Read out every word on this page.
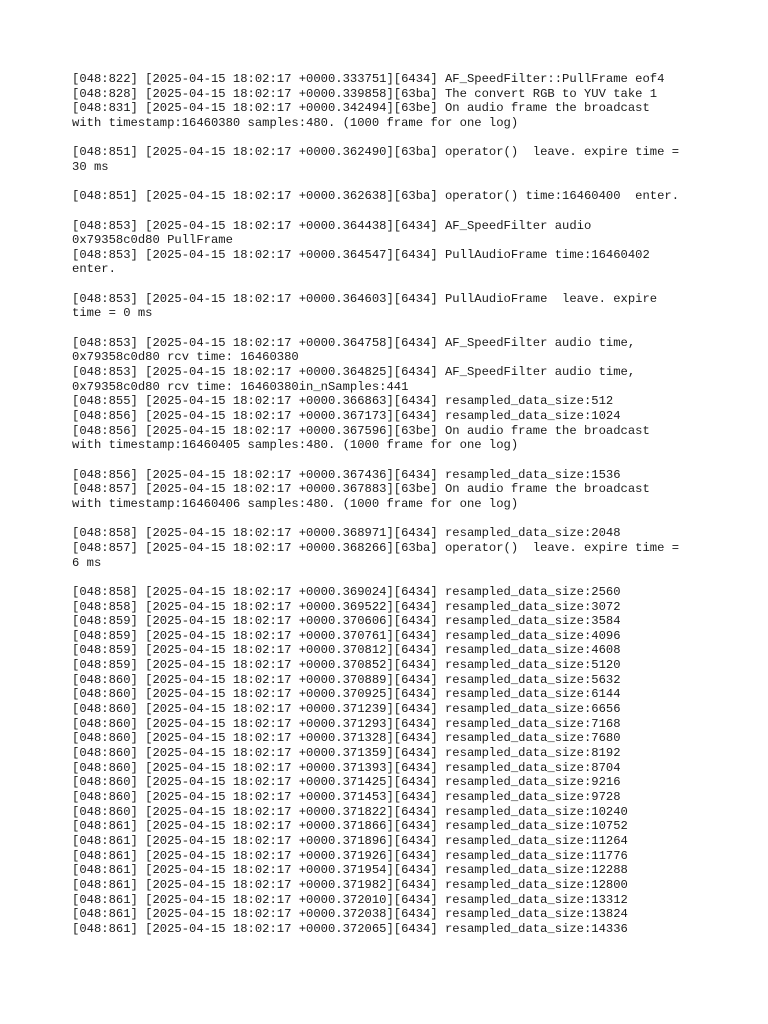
[048:822] [2025-04-15 18:02:17 +0000.333751][6434] AF_SpeedFilter::PullFrame eof4
[048:828] [2025-04-15 18:02:17 +0000.339858][63ba] The convert RGB to YUV take 1
[048:831] [2025-04-15 18:02:17 +0000.342494][63be] On audio frame the broadcast
with timestamp:16460380 samples:480. (1000 frame for one log)
[048:851] [2025-04-15 18:02:17 +0000.362490][63ba] operator()  leave. expire time =
30 ms
[048:851] [2025-04-15 18:02:17 +0000.362638][63ba] operator() time:16460400  enter.
[048:853] [2025-04-15 18:02:17 +0000.364438][6434] AF_SpeedFilter audio
0x79358c0d80 PullFrame
[048:853] [2025-04-15 18:02:17 +0000.364547][6434] PullAudioFrame time:16460402
enter.
[048:853] [2025-04-15 18:02:17 +0000.364603][6434] PullAudioFrame  leave. expire
time = 0 ms
[048:853] [2025-04-15 18:02:17 +0000.364758][6434] AF_SpeedFilter audio time,
0x79358c0d80 rcv time: 16460380
[048:853] [2025-04-15 18:02:17 +0000.364825][6434] AF_SpeedFilter audio time,
0x79358c0d80 rcv time: 16460380in_nSamples:441
[048:855] [2025-04-15 18:02:17 +0000.366863][6434] resampled_data_size:512
[048:856] [2025-04-15 18:02:17 +0000.367173][6434] resampled_data_size:1024
[048:856] [2025-04-15 18:02:17 +0000.367596][63be] On audio frame the broadcast
with timestamp:16460405 samples:480. (1000 frame for one log)
[048:856] [2025-04-15 18:02:17 +0000.367436][6434] resampled_data_size:1536
[048:857] [2025-04-15 18:02:17 +0000.367883][63be] On audio frame the broadcast
with timestamp:16460406 samples:480. (1000 frame for one log)
[048:858] [2025-04-15 18:02:17 +0000.368971][6434] resampled_data_size:2048
[048:857] [2025-04-15 18:02:17 +0000.368266][63ba] operator()  leave. expire time =
6 ms
[048:858] [2025-04-15 18:02:17 +0000.369024][6434] resampled_data_size:2560
[048:858] [2025-04-15 18:02:17 +0000.369522][6434] resampled_data_size:3072
[048:859] [2025-04-15 18:02:17 +0000.370606][6434] resampled_data_size:3584
[048:859] [2025-04-15 18:02:17 +0000.370761][6434] resampled_data_size:4096
[048:859] [2025-04-15 18:02:17 +0000.370812][6434] resampled_data_size:4608
[048:859] [2025-04-15 18:02:17 +0000.370852][6434] resampled_data_size:5120
[048:860] [2025-04-15 18:02:17 +0000.370889][6434] resampled_data_size:5632
[048:860] [2025-04-15 18:02:17 +0000.370925][6434] resampled_data_size:6144
[048:860] [2025-04-15 18:02:17 +0000.371239][6434] resampled_data_size:6656
[048:860] [2025-04-15 18:02:17 +0000.371293][6434] resampled_data_size:7168
[048:860] [2025-04-15 18:02:17 +0000.371328][6434] resampled_data_size:7680
[048:860] [2025-04-15 18:02:17 +0000.371359][6434] resampled_data_size:8192
[048:860] [2025-04-15 18:02:17 +0000.371393][6434] resampled_data_size:8704
[048:860] [2025-04-15 18:02:17 +0000.371425][6434] resampled_data_size:9216
[048:860] [2025-04-15 18:02:17 +0000.371453][6434] resampled_data_size:9728
[048:860] [2025-04-15 18:02:17 +0000.371822][6434] resampled_data_size:10240
[048:861] [2025-04-15 18:02:17 +0000.371866][6434] resampled_data_size:10752
[048:861] [2025-04-15 18:02:17 +0000.371896][6434] resampled_data_size:11264
[048:861] [2025-04-15 18:02:17 +0000.371926][6434] resampled_data_size:11776
[048:861] [2025-04-15 18:02:17 +0000.371954][6434] resampled_data_size:12288
[048:861] [2025-04-15 18:02:17 +0000.371982][6434] resampled_data_size:12800
[048:861] [2025-04-15 18:02:17 +0000.372010][6434] resampled_data_size:13312
[048:861] [2025-04-15 18:02:17 +0000.372038][6434] resampled_data_size:13824
[048:861] [2025-04-15 18:02:17 +0000.372065][6434] resampled_data_size:14336
